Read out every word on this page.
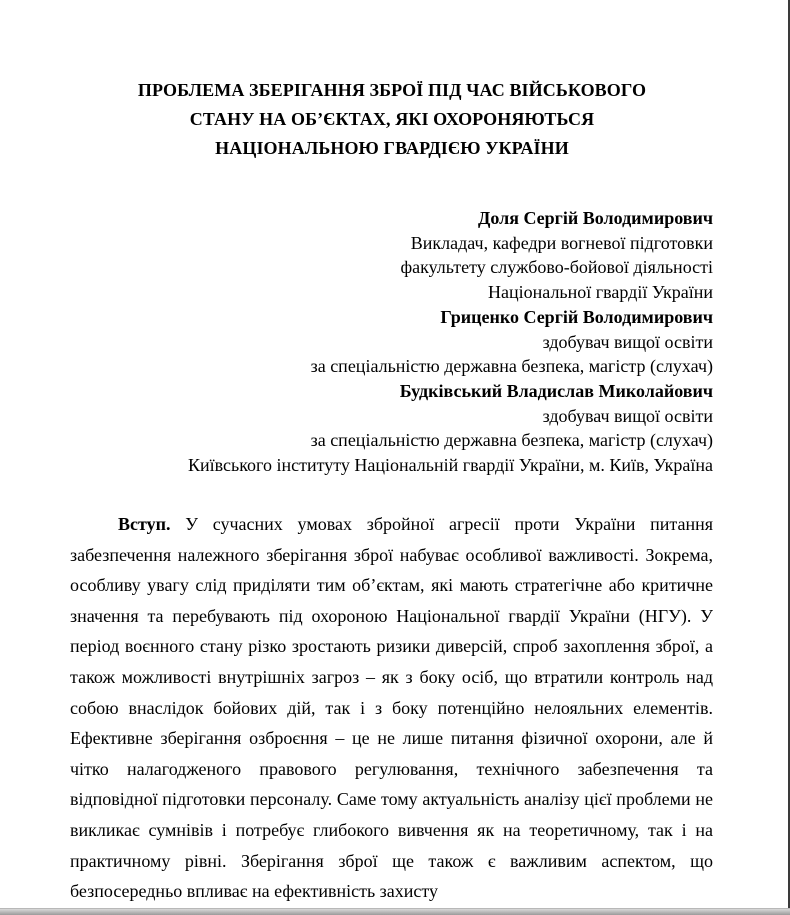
ПРОБЛЕМА ЗБЕРІГАННЯ ЗБРОЇ ПІД ЧАС ВІЙСЬКОВОГО
СТАНУ НА ОБ’ЄКТАХ, ЯКІ ОХОРОНЯЮТЬСЯ
НАЦІОНАЛЬНОЮ ГВАРДІЄЮ УКРАЇНИ
Доля Сергій Володимирович
Викладач, кафедри вогневої підготовки
факультету службово-бойової діяльності
Національної гвардії України
Гриценко Сергій Володимирович
здобувач вищої освіти
за спеціальністю державна безпека, магістр (слухач)
Будківський Владислав Миколайович
здобувач вищої освіти
за спеціальністю державна безпека, магістр (слухач)
Київського інституту Національній гвардії України, м. Київ, Україна

Вступ. У сучасних умовах збройної агресії проти України питання забезпечення належного зберігання зброї набуває особливої важливості. Зокрема, особливу увагу слід приділяти тим об’єктам, які мають стратегічне або критичне значення та перебувають під охороною Національної гвардії України (НГУ). У період воєнного стану різко зростають ризики диверсій, спроб захоплення зброї, а також можливості внутрішніх загроз – як з боку осіб, що втратили контроль над собою внаслідок бойових дій, так і з боку потенційно нелояльних елементів. Ефективне зберігання озброєння – це не лише питання фізичної охорони, але й чітко налагодженого правового регулювання, технічного забезпечення та відповідної підготовки персоналу. Саме тому актуальність аналізу цієї проблеми не викликає сумнівів і потребує глибокого вивчення як на теоретичному, так і на практичному рівні. Зберігання зброї ще також є важливим аспектом, що безпосередньо впливає на ефективність захисту
